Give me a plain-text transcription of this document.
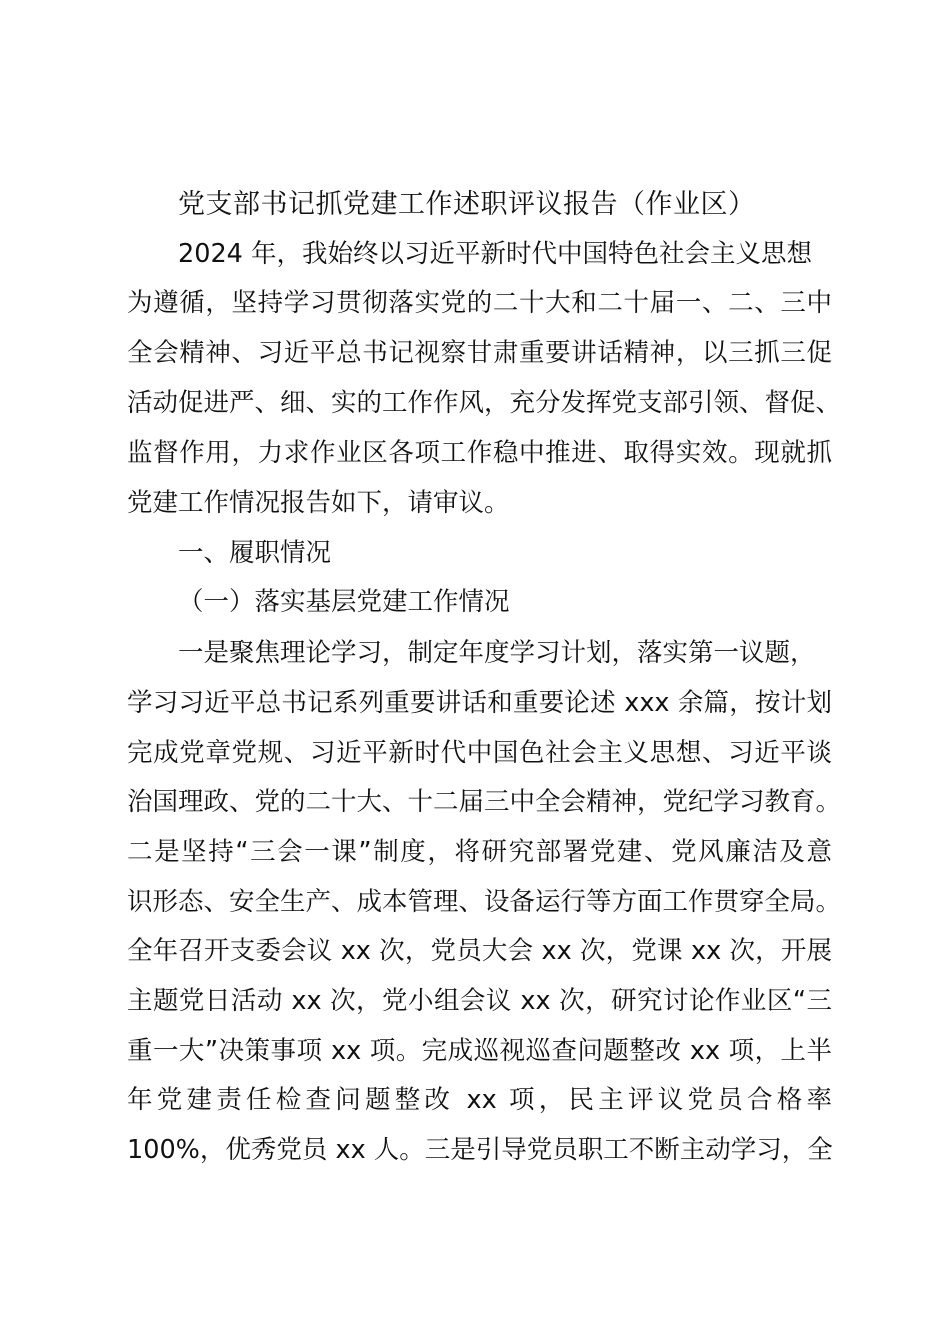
党支部书记抓党建工作述职评议报告（作业区）
2024 年，我始终以习近平新时代中国特色社会主义思想
为遵循，坚持学习贯彻落实党的二十大和二十届一、二、三中
全会精神、习近平总书记视察甘肃重要讲话精神，以三抓三促
活动促进严、细、实的工作作风，充分发挥党支部引领、督促、
监督作用，力求作业区各项工作稳中推进、取得实效。现就抓
党建工作情况报告如下，请审议。
一、履职情况
（一）落实基层党建工作情况
一是聚焦理论学习，制定年度学习计划，落实第一议题，
学习习近平总书记系列重要讲话和重要论述 xxx 余篇，按计划
完成党章党规、习近平新时代中国色社会主义思想、习近平谈
治国理政、党的二十大、十二届三中全会精神，党纪学习教育。
二是坚持“三会一课”制度，将研究部署党建、党风廉洁及意
识形态、安全生产、成本管理、设备运行等方面工作贯穿全局。
全年召开支委会议 xx 次，党员大会 xx 次，党课 xx 次，开展
主题党日活动 xx 次，党小组会议 xx 次，研究讨论作业区“三
重一大”决策事项 xx 项。完成巡视巡查问题整改 xx 项，上半
年党建责任检查问题整改 xx 项，民主评议党员合格率
100%，优秀党员 xx 人。三是引导党员职工不断主动学习，全
